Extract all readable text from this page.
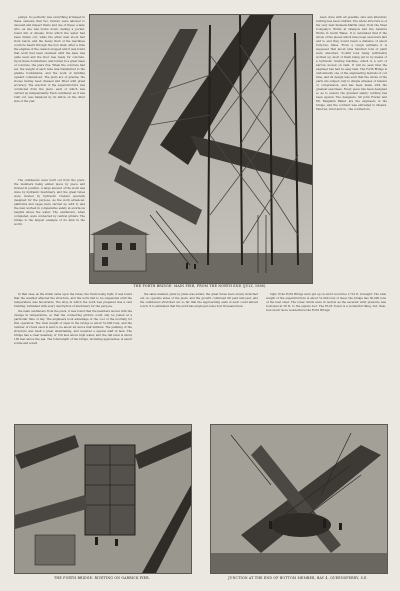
pumps. So perfectly was everything arranged in these caissons that two visitors were allowed to descend and inspect them; and one of these, a lady, who, as she was borne down, feeling a pocket, found full of wheels, from which the water had been drawn out, while the ether men stood fast from below, and the heavy thud of the machines could be heard through the iron shell. After a time the engines of the caisson stopped and it was found that work had been resumed until the base was quite level and the floor was ready for concrete. Upon these foundations, and buried in a great mass of concrete, the piers rise. When the concrete had set, the weight of each tube was transferred to the granite foundations, and the work of building upward commenced. The piers are of granite, the stones having been dressed and fitted with great accuracy. The erection of the superstructure was conducted from the piers, each of which was carried up independently. Each cantilever, as it was built out, was balanced by its fellow on the other side of the pier.

The cantilevers were built out from the piers, the members being added piece by piece and riveted in position. A large amount of the work was done by hydraulic machinery, and the great tubes were riveted by hydraulic riveters specially designed for the purpose. As the work advanced, platforms and cages were carried up with it, and the men worked in comparative safety at enormous heights above the water. The cantilevers, when completed, were connected by central girders. The bridge is the largest example of its kind in the world.

THE FORTH BRIDGE: MAIN PIER, FROM THE NORTH END (JULY, 1888).

been done with all possible care and attention; nothing has been omitted. The whole structure is of the very best Siemens-Martin steel, from the Steel Company's Works at Glasgow and the Landore Works in South Wales. It is calculated that if the whole of the pieces which have been used were laid end to end they would reach a distance of about forty-two miles. From a rough estimate it is supposed that about nine hundred tons of paint were absorbed, 51,000 tons being sufficiently worked up, most of them being put in by means of a hydraulic riveting machine, which is a sort of barrow moved on rails. It will be seen that the engineer has had no easy task. The Forth Bridge is undoubtedly one of the engineering marvels of our time, and its design was such that the whole of the parts are subject only to simple stresses of tension or compression, and has been made with the greatest exactness. Every piece has been designed so as to ensure the greatest safety; nothing has been spared. The designers, Sir John Fowler and Mr. Benjamin Baker, are the engineers of the bridge, and the contract was entrusted to Messrs. Tancred, Arrol and Co., the contractors.

In that case, as the strain came upon the tubes, the rivets being tight, it was found that the weather affected the structure, and the work had to be suspended until the temperature was favourable. The shop in which the work was prepared was a vast building, furnished with every description of machinery for the purpose.

the main cantilevers from the piers, it was found that the members moved with the change in temperature, so that the connecting girders could only be joined at a particular time of day. The engineers took advantage of the cool of the morning for this operation. The total weight of steel in the bridge is about 51,000 tons, and the number of rivets used is said to be about six and a half millions. The painting of the structure was itself a great undertaking, and required a special staff of men. The bridge has a clear headway of 150 feet above high water, and the rail level is about 156 feet above the sea. The total length of the bridge, including approaches, is about a mile and a half.

the same manner, plate by plate was added, the great tubes were slowly stretched out on opposite sides of the piers, and the growth continued till past mid-year, and the cantilevers stretched out so far that the approaching ends of each could almost touch. It is estimated that the work has employed some four thousand men.

high; if the Forth Bridge were put up on end it would be 1,710 ft. in height. The total weight of the superstructure is about 51,000 tons of steel, the bridge has 30,000 tons of the best steel. The lower winds were in motion as the severest wind pressure was reckoned at 56 lb. to the square foot. The ELLE Tower is a wonderful thing, but, then, how much more wonderful is the Forth Bridge!

THE FORTH BRIDGE: RIVETING ON GARRICK PIER.	JUNCTION AT THE END OF BOTTOM MEMBER, BAY 4, QUEENSFERRY, S.E.
